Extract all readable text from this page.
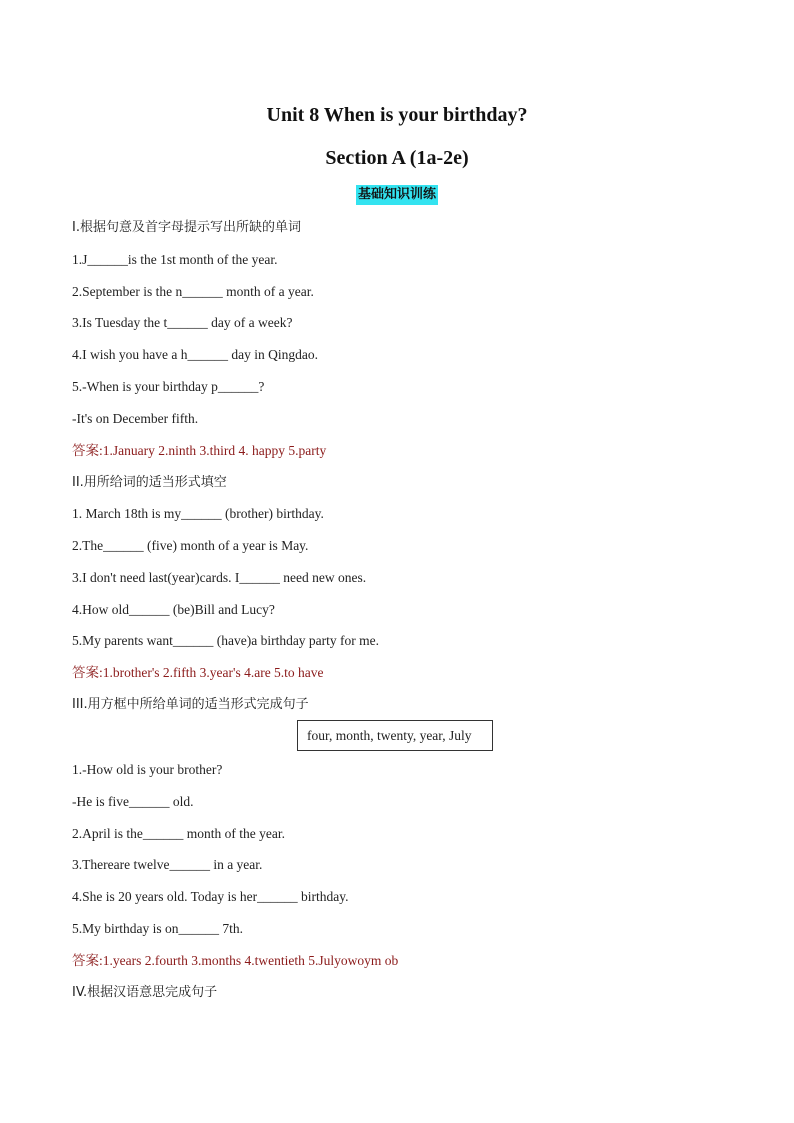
Unit 8 When is your birthday?
Section A (1a-2e)
基础知识训练
I.根据句意及首字母提示写出所缺的单词
1.J______is the 1st month of the year.
2.September is the n______ month of a year.
3.Is Tuesday the t______ day of a week?
4.I wish you have a h______ day in Qingdao.
5.-When is your birthday p______?
-It's on December fifth.
答案:1.January 2.ninth 3.third 4. happy 5.party
II.用所给词的适当形式填空
1. March 18th is my______ (brother) birthday.
2.The______ (five) month of a year is May.
3.I don't need last(year)cards. I______ need new ones.
4.How old______ (be)Bill and Lucy?
5.My parents want______ (have)a birthday party for me.
答案:1.brother's 2.fifth 3.year's 4.are 5.to have
III.用方框中所给单词的适当形式完成句子
four, month, twenty, year, July
1.-How old is your brother?
-He is five______ old.
2.April is the______ month of the year.
3.Thereare twelve______ in a year.
4.She is 20 years old. Today is her______ birthday.
5.My birthday is on______ 7th.
答案:1.years 2.fourth 3.months 4.twentieth 5.Julyowoym ob
IV.根据汉语意思完成句子
